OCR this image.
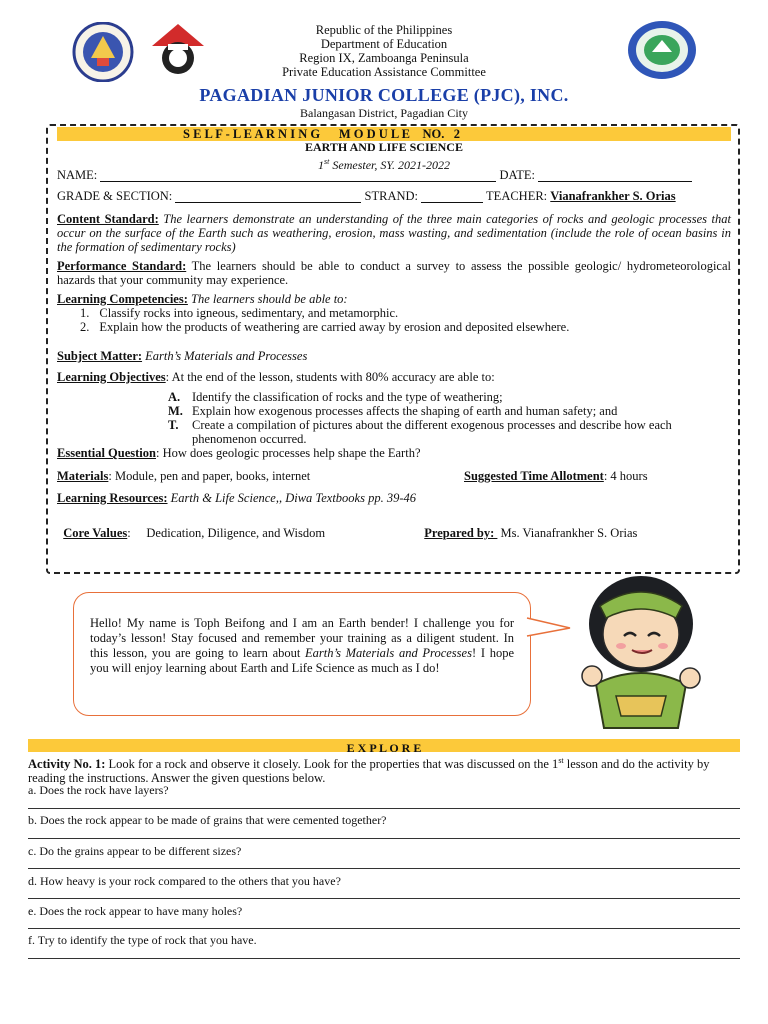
Republic of the Philippines
Department of Education
Region IX, Zamboanga Peninsula
Private Education Assistance Committee
PAGADIAN JUNIOR COLLEGE (PJC), INC.
Balangasan District, Pagadian City
S E L F - L E A R N I N G      M O D U L E    NO.   2
EARTH AND LIFE SCIENCE
1st Semester, SY. 2021-2022
NAME:	DATE:
GRADE & SECTION:	STRAND:	TEACHER: Vianafrankher S. Orias
Content Standard: The learners demonstrate an understanding of the three main categories of rocks and geologic processes that occur on the surface of the Earth such as weathering, erosion, mass wasting, and sedimentation (include the role of ocean basins in the formation of sedimentary rocks)
Performance Standard: The learners should be able to conduct a survey to assess the possible geologic/ hydrometeorological hazards that your community may experience.
Learning Competencies: The learners should be able to:
1. Classify rocks into igneous, sedimentary, and metamorphic.
2. Explain how the products of weathering are carried away by erosion and deposited elsewhere.
Subject Matter: Earth’s Materials and Processes
Learning Objectives: At the end of the lesson, students with 80% accuracy are able to:
A. Identify the classification of rocks and the type of weathering;
M. Explain how exogenous processes affects the shaping of earth and human safety; and
T.	Create a compilation of pictures about the different exogenous processes and describe how each phenomenon occurred.
Essential Question: How does geologic processes help shape the Earth?
Materials: Module, pen and paper, books, internet	Suggested Time Allotment: 4 hours
Learning Resources: Earth & Life Science,, Diwa Textbooks pp. 39-46

Core Values:     Dedication, Diligence, and Wisdom	Prepared by:  Ms. Vianafrankher S. Orias

Hello! My name is Toph Beifong and I am an Earth bender! I challenge you for today’s lesson! Stay focused and remember your training as a diligent student. In this lesson, you are going to learn about Earth’s Materials and Processes! I hope you will enjoy learning about Earth and Life Science as much as I do!
E X P L O R E
Activity No. 1: Look for a rock and observe it closely. Look for the properties that was discussed on the 1st lesson and do the activity by reading the instructions. Answer the given questions below.
a. Does the rock have layers?
b. Does the rock appear to be made of grains that were cemented together?
c. Do the grains appear to be different sizes?
d. How heavy is your rock compared to the others that you have?
e. Does the rock appear to have many holes?
f. Try to identify the type of rock that you have.
